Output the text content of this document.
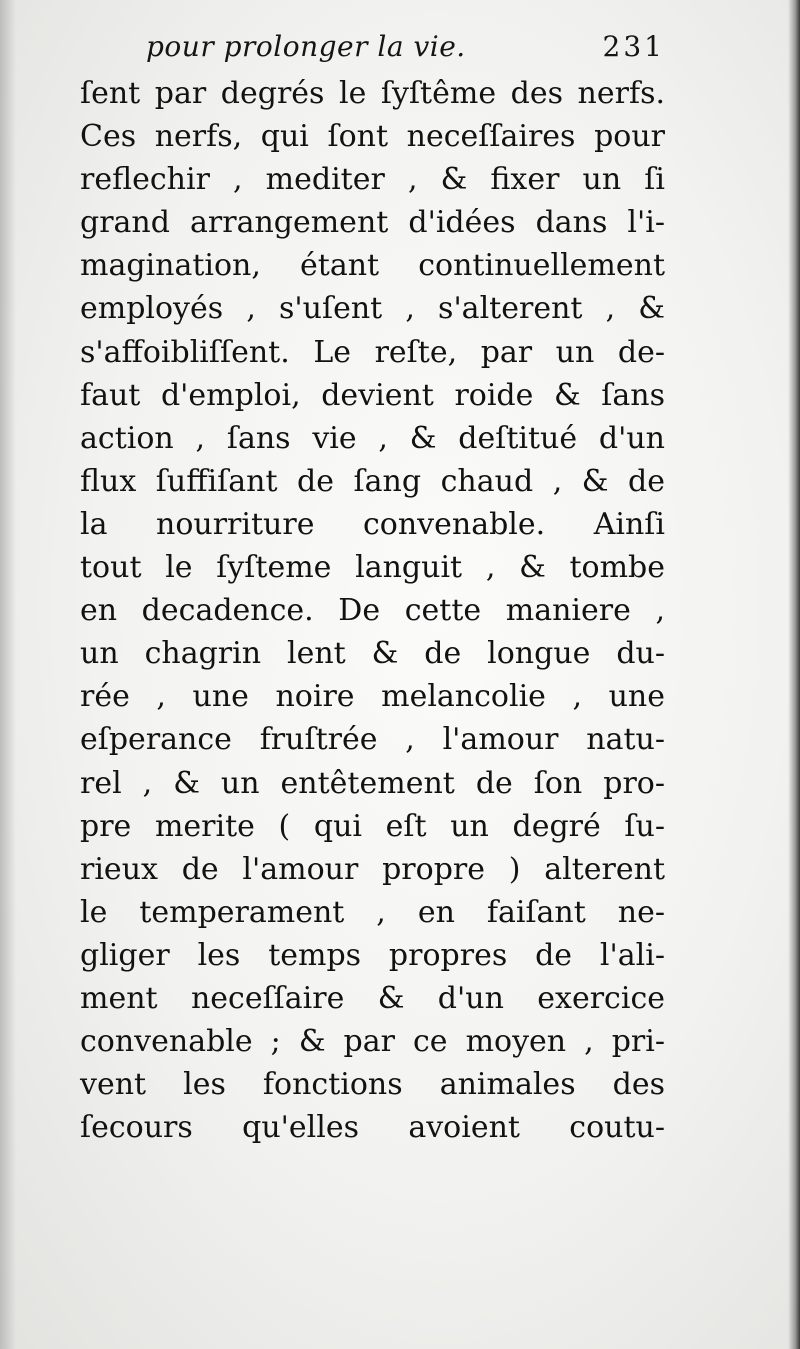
pour prolonger la vie.	231
ſent par degrés le ſyſtême des nerfs.
Ces nerfs, qui ſont neceſſaires pour
reflechir , mediter , & fixer un ſi
grand arrangement d'idées dans l'i-
magination, étant continuellement
employés , s'uſent , s'alterent , &
s'affoibliſſent. Le reſte, par un de-
faut d'emploi, devient roide & ſans
action , ſans vie , & deſtitué d'un
flux ſuffiſant de ſang chaud , & de
la nourriture convenable. Ainſi
tout le ſyſteme languit , & tombe
en decadence. De cette maniere ,
un chagrin lent & de longue du-
rée , une noire melancolie , une
eſperance fruſtrée , l'amour natu-
rel , & un entêtement de ſon pro-
pre merite ( qui eſt un degré ſu-
rieux de l'amour propre ) alterent
le temperament , en faiſant ne-
gliger les temps propres de l'ali-
ment neceſſaire & d'un exercice
convenable ; & par ce moyen , pri-
vent les fonctions animales des
ſecours qu'elles avoient coutu-
